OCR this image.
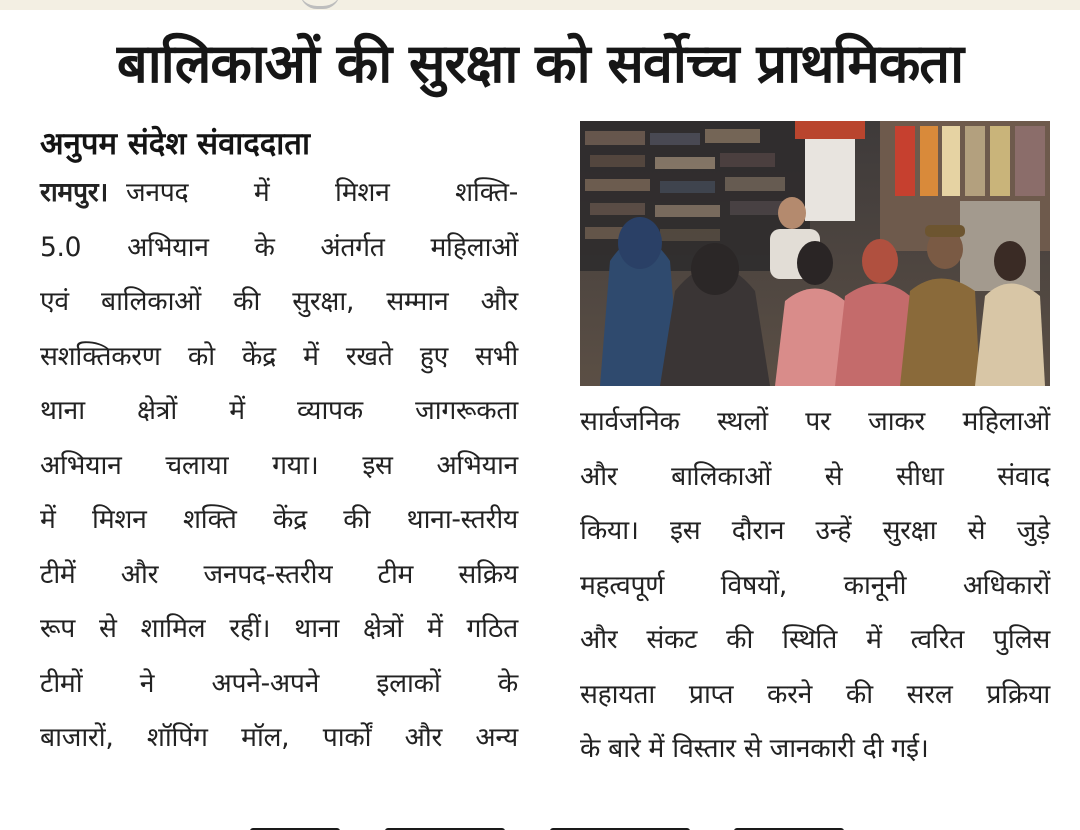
बालिकाओं की सुरक्षा को सर्वोच्च प्राथमिकता
अनुपम संदेश संवाददाता
रामपुर। जनपद में मिशन शक्ति-
5.0 अभियान के अंतर्गत महिलाओं
एवं बालिकाओं की सुरक्षा, सम्मान और
सशक्तिकरण को केंद्र में रखते हुए सभी
थाना क्षेत्रों में व्यापक जागरूकता
अभियान चलाया गया। इस अभियान
में मिशन शक्ति केंद्र की थाना-स्तरीय
टीमें और जनपद-स्तरीय टीम सक्रिय
रूप से शामिल रहीं। थाना क्षेत्रों में गठित
टीमों ने अपने-अपने इलाकों के
बाजारों, शॉपिंग मॉल, पार्कों और अन्य
सार्वजनिक स्थलों पर जाकर महिलाओं
और बालिकाओं से सीधा संवाद
किया। इस दौरान उन्हें सुरक्षा से जुड़े
महत्वपूर्ण विषयों, कानूनी अधिकारों
और संकट की स्थिति में त्वरित पुलिस
सहायता प्राप्त करने की सरल प्रक्रिया
के बारे में विस्तार से जानकारी दी गई।
